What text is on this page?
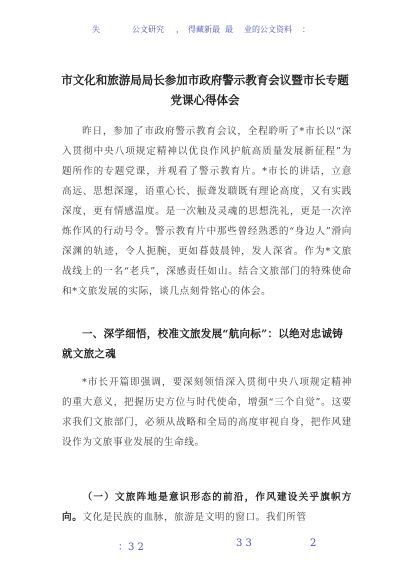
失	公文研究 ， 得藏新最 最 业的公文资料 ：
市文化和旅游局局长参加市政府警示教育会议暨市长专题党课心得体会
昨日，参加了市政府警示教育会议，全程聆听了*市长以“深入贯彻中央八项规定精神以优良作风护航高质量发展新征程”为题所作的专题党课，并观看了警示教育片。*市长的讲话，立意高远、思想深邃，语重心长、振聋发聩既有理论高度，又有实践深度，更有情感温度。是一次触及灵魂的思想洗礼，更是一次淬炼作风的行动号令。警示教育片中那些曾经熟悉的“身边人”滑向深渊的轨迹，令人扼腕，更如暮鼓晨钟，发人深省。作为*文旅战线上的一名“老兵”，深感责任如山。结合文旅部门的特殊使命和*文旅发展的实际，谈几点刻骨铭心的体会。
一、深学细悟，校准文旅发展“航向标”：以绝对忠诚铸就文旅之魂
*市长开篇即强调，要深刻领悟深入贯彻中央八项规定精神的重大意义，把握历史方位与时代使命，增强“三个自觉”。这要求我们文旅部门，必须从战略和全局的高度审视自身，把作风建设作为文旅事业发展的生命线。
（一）文旅阵地是意识形态的前沿，作风建设关乎旗帜方向。文化是民族的血脉，旅游是文明的窗口。我们所管
：3 2	3 3	2
